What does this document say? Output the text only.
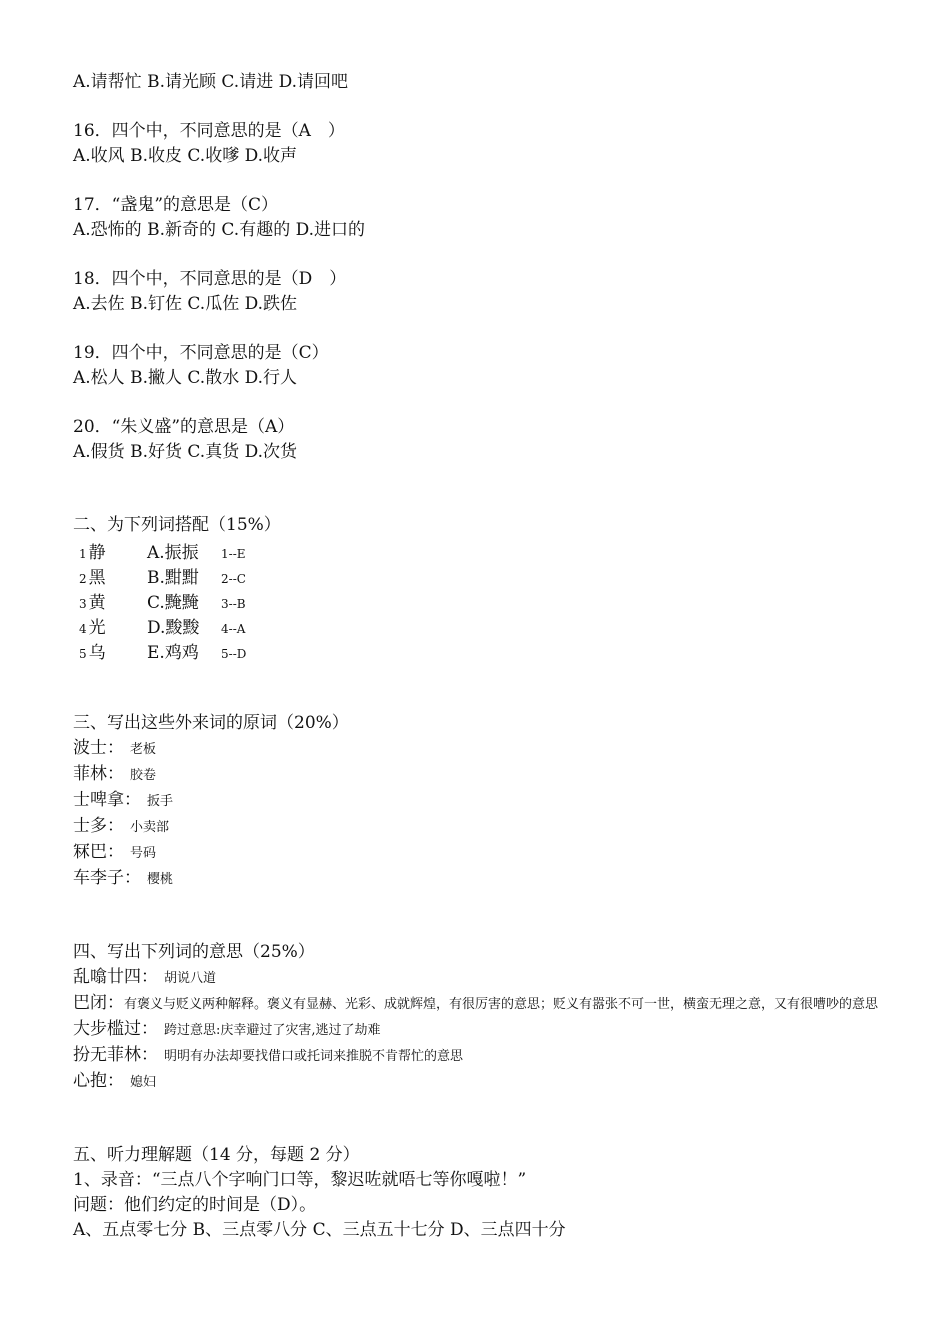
A.请帮忙 B.请光顾 C.请进 D.请回吧
16．四个中，不同意思的是（A　）
A.收风 B.收皮 C.收嗲 D.收声
17．“盏鬼”的意思是（C）
A.恐怖的 B.新奇的 C.有趣的 D.进口的
18．四个中，不同意思的是（D　）
A.去佐 B.钉佐 C.瓜佐 D.跌佐
19．四个中，不同意思的是（C）
A.松人 B.撇人 C.散水 D.行人
20．“朱义盛”的意思是（A）
A.假货 B.好货 C.真货 D.次货
二、为下列词搭配（15%）
1 静	A.振振	1--E
2 黑	B.黚黚	2--C
3 黄	C.黤黤	3--B
4 光	D.黢黢	4--A
5 乌	E.鸡鸡	5--D
三、写出这些外来词的原词（20%）
波士： 老板
菲林： 胶卷
士啤拿： 扳手
士多： 小卖部
冧巴： 号码
车李子： 樱桃
四、写出下列词的意思（25%）
乱噏廿四： 胡说八道
巴闭：有褒义与贬义两种解释。褒义有显赫、光彩、成就辉煌，有很厉害的意思；贬义有嚣张不可一世，横蛮无理之意，又有很嘈吵的意思
大步槛过： 跨过意思:庆幸避过了灾害,逃过了劫难
扮无菲林： 明明有办法却要找借口或托词来推脱不肯帮忙的意思
心抱： 媳妇
五、听力理解题（14 分，每题 2 分）
1、录音：“三点八个字响门口等，黎迟咗就唔七等你嘎啦！”
问题：他们约定的时间是（D）。
A、五点零七分 B、三点零八分 C、三点五十七分 D、三点四十分
